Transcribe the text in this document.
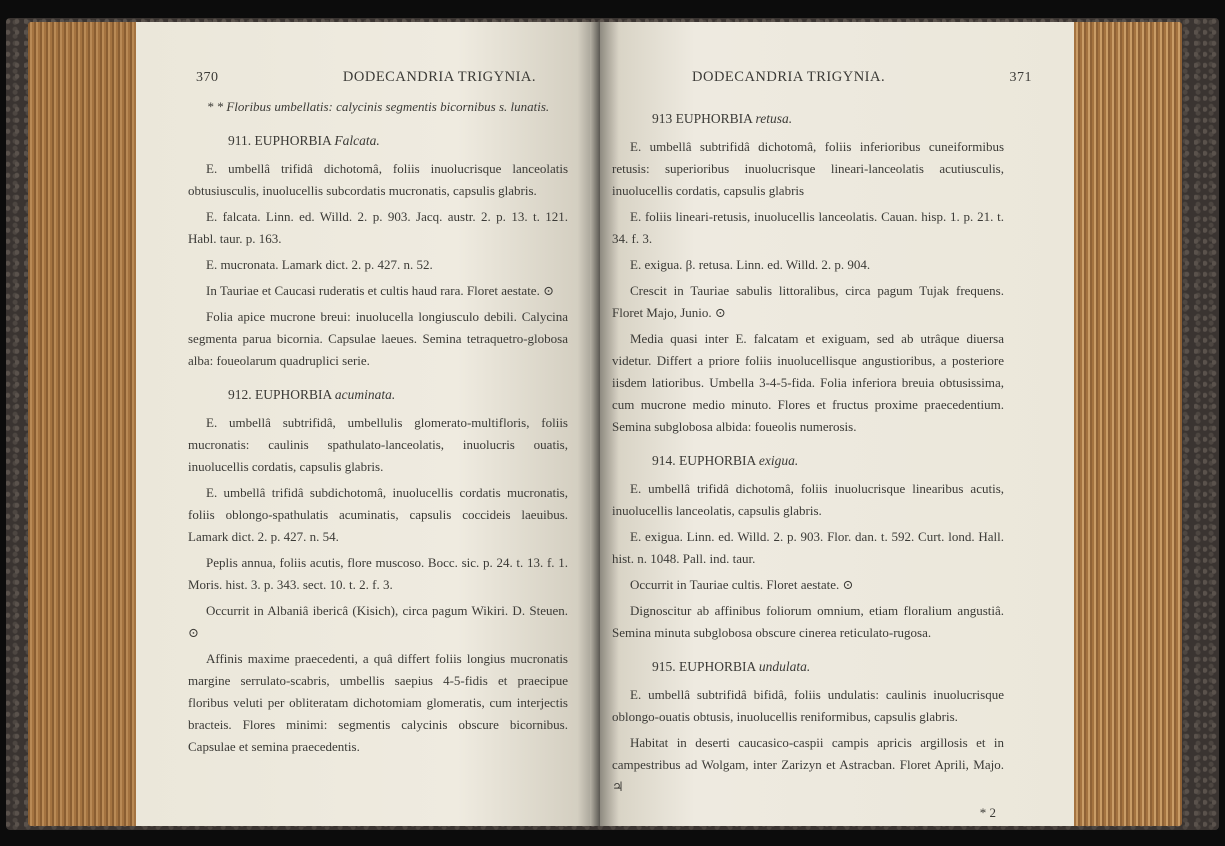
370	DODECANDRIA TRIGYNIA.

* * Floribus umbellatis: calycinis segmentis bicornibus s. lunatis.

911. EUPHORBIA Falcata.

E. umbellâ trifidâ dichotomâ, foliis inuolucrisque lanceolatis obtusiusculis, inuolucellis subcordatis mucronatis, capsulis glabris.

E. falcata. Linn. ed. Willd. 2. p. 903. Jacq. austr. 2. p. 13. t. 121. Habl. taur. p. 163.

E. mucronata. Lamark dict. 2. p. 427. n. 52.

In Tauriae et Caucasi ruderatis et cultis haud rara. Floret aestate. ⊙

Folia apice mucrone breui: inuolucella longiusculo debili. Calycina segmenta parua bicornia. Capsulae laeues. Semina tetraquetro-globosa alba: foueolarum quadruplici serie.

912. EUPHORBIA acuminata.

E. umbellâ subtrifidâ, umbellulis glomerato-multifloris, foliis mucronatis: caulinis spathulato-lanceolatis, inuolucris ouatis, inuolucellis cordatis, capsulis glabris.

E. umbellâ trifidâ subdichotomâ, inuolucellis cordatis mucronatis, foliis oblongo-spathulatis acuminatis, capsulis coccideis laeuibus. Lamark dict. 2. p. 427. n. 54.

Peplis annua, foliis acutis, flore muscoso. Bocc. sic. p. 24. t. 13. f. 1. Moris. hist. 3. p. 343. sect. 10. t. 2. f. 3.

Occurrit in Albaniâ ibericâ (Kisich), circa pagum Wikiri. D. Steuen. ⊙

Affinis maxime praecedenti, a quâ differt foliis longius mucronatis margine serrulato-scabris, umbellis saepius 4-5-fidis et praecipue floribus veluti per obliteratam dichotomiam glomeratis, cum interjectis bracteis. Flores minimi: segmentis calycinis obscure bicornibus. Capsulae et semina praecedentis.

DODECANDRIA TRIGYNIA.	371

913 EUPHORBIA retusa.

E. umbellâ subtrifidâ dichotomâ, foliis inferioribus cuneiformibus retusis: superioribus inuolucrisque lineari-lanceolatis acutiusculis, inuolucellis cordatis, capsulis glabris

E. foliis lineari-retusis, inuolucellis lanceolatis. Cauan. hisp. 1. p. 21. t. 34. f. 3.

E. exigua. β. retusa. Linn. ed. Willd. 2. p. 904.

Crescit in Tauriae sabulis littoralibus, circa pagum Tujak frequens. Floret Majo, Junio. ⊙

Media quasi inter E. falcatam et exiguam, sed ab utrâque diuersa videtur. Differt a priore foliis inuolucellisque angustioribus, a posteriore iisdem latioribus. Umbella 3-4-5-fida. Folia inferiora breuia obtusissima, cum mucrone medio minuto. Flores et fructus proxime praecedentium. Semina subglobosa albida: foueolis numerosis.

914. EUPHORBIA exigua.

E. umbellâ trifidâ dichotomâ, foliis inuolucrisque linearibus acutis, inuolucellis lanceolatis, capsulis glabris.

E. exigua. Linn. ed. Willd. 2. p. 903. Flor. dan. t. 592. Curt. lond. Hall. hist. n. 1048. Pall. ind. taur.

Occurrit in Tauriae cultis. Floret aestate. ⊙

Dignoscitur ab affinibus foliorum omnium, etiam floralium angustiâ. Semina minuta subglobosa obscure cinerea reticulato-rugosa.

915. EUPHORBIA undulata.

E. umbellâ subtrifidâ bifidâ, foliis undulatis: caulinis inuolucrisque oblongo-ouatis obtusis, inuolucellis reniformibus, capsulis glabris.

Habitat in deserti caucasico-caspii campis apricis argillosis et in campestribus ad Wolgam, inter Zarizyn et Astracban. Floret Aprili, Majo. ♃

* 2
